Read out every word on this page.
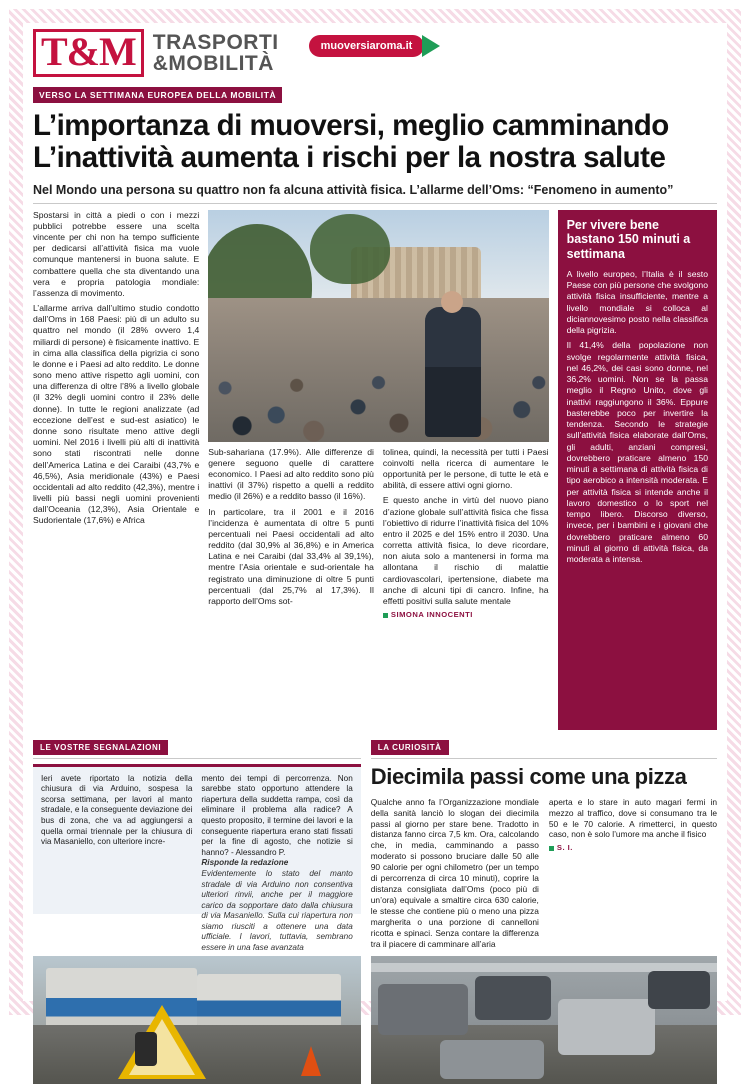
T&M TRASPORTI
&MOBILITÀ
muoversiaroma.it
VERSO LA SETTIMANA EUROPEA DELLA MOBILITÀ
L’importanza di muoversi, meglio camminando
L’inattività aumenta i rischi per la nostra salute
Nel Mondo una persona su quattro non fa alcuna attività fisica. L’allarme dell’Oms: “Fenomeno in aumento”

Spostarsi in città a piedi o con i mezzi pubblici potrebbe essere una scelta vincente per chi non ha tempo sufficiente per dedicarsi all’attività fisica ma vuole comunque mantenersi in buona salute. E combattere quella che sta diventando una vera e propria patologia mondiale: l’assenza di movimento.

L’allarme arriva dall’ultimo studio condotto dall’Oms in 168 Paesi: più di un adulto su quattro nel mondo (il 28% ovvero 1,4 miliardi di persone) è fisicamente inattivo. E in cima alla classifica della pigrizia ci sono le donne e i Paesi ad alto reddito. Le donne sono meno attive rispetto agli uomini, con una differenza di oltre l’8% a livello globale (il 32% degli uomini contro il 23% delle donne). In tutte le regioni analizzate (ad eccezione dell’est e sud-est asiatico) le donne sono risultate meno attive degli uomini. Nel 2016 i livelli più alti di inattività sono stati riscontrati nelle donne dell’America Latina e dei Caraibi (43,7% e 46,5%), Asia meridionale (43%) e Paesi occidentali ad alto reddito (42,3%), mentre i livelli più bassi negli uomini provenienti dall’Oceania (12,3%), Asia Orientale e Sudorientale (17,6%) e Africa

Sub-sahariana (17.9%). Alle differenze di genere seguono quelle di carattere economico. I Paesi ad alto reddito sono più inattivi (il 37%) rispetto a quelli a reddito medio (il 26%) e a reddito basso (il 16%).

In particolare, tra il 2001 e il 2016 l’incidenza è aumentata di oltre 5 punti percentuali nei Paesi occidentali ad alto reddito (dal 30,9% al 36,8%) e in America Latina e nei Caraibi (dal 33,4% al 39,1%), mentre l’Asia orientale e sud-orientale ha registrato una diminuzione di oltre 5 punti percentuali (dal 25,7% al 17,3%). Il rapporto dell’Oms sot-

tolinea, quindi, la necessità per tutti i Paesi coinvolti nella ricerca di aumentare le opportunità per le persone, di tutte le età e abilità, di essere attivi ogni giorno.

E questo anche in virtù del nuovo piano d’azione globale sull’attività fisica che fissa l’obiettivo di ridurre l’inattività fisica del 10% entro il 2025 e del 15% entro il 2030. Una corretta attività fisica, lo deve ricordare, non aiuta solo a mantenersi in forma ma allontana il rischio di malattie cardiovascolari, ipertensione, diabete ma anche di alcuni tipi di cancro. Infine, ha effetti positivi sulla salute mentale

SIMONA INNOCENTI
Per vivere bene bastano 150 minuti a settimana

A livello europeo, l’Italia è il sesto Paese con più persone che svolgono attività fisica insufficiente, mentre a livello mondiale si colloca al diciannovesimo posto nella classifica della pigrizia.

Il 41,4% della popolazione non svolge regolarmente attività fisica, nel 46,2%, dei casi sono donne, nel 36,2% uomini. Non se la passa meglio il Regno Unito, dove gli inattivi raggiungono il 36%. Eppure basterebbe poco per invertire la tendenza. Secondo le strategie sull’attività fisica elaborate dall’Oms, gli adulti, anziani compresi, dovrebbero praticare almeno 150 minuti a settimana di attività fisica di tipo aerobico a intensità moderata. E per attività fisica si intende anche il lavoro domestico o lo sport nel tempo libero. Discorso diverso, invece, per i bambini e i giovani che dovrebbero praticare almeno 60 minuti al giorno di attività fisica, da moderata a intensa.

LE VOSTRE SEGNALAZIONI

Ieri avete riportato la notizia della chiusura di via Arduino, sospesa la scorsa settimana, per lavori al manto stradale, e la conseguente deviazione dei bus di zona, che va ad aggiungersi a quella ormai triennale per la chiusura di via Masaniello, con ulteriore incre-

mento dei tempi di percorrenza. Non sarebbe stato opportuno attendere la riapertura della suddetta rampa, così da eliminare il problema alla radice? A questo proposito, il termine dei lavori e la conseguente riapertura erano stati fissati per la fine di agosto, che notizie si hanno? - Alessandro P.

Risponde la redazione

Evidentemente lo stato del manto stradale di via Arduino non consentiva ulteriori rinvii, anche per il maggiore carico da sopportare dato dalla chiusura di via Masaniello. Sulla cui riapertura non siamo riusciti a ottenere una data ufficiale. I lavori, tuttavia, sembrano essere in una fase avanzata

LA CURIOSITÀ
Diecimila passi come una pizza

Qualche anno fa l’Organizzazione mondiale della sanità lanciò lo slogan dei diecimila passi al giorno per stare bene. Tradotto in distanza fanno circa 7,5 km. Ora, calcolando che, in media, camminando a passo moderato si possono bruciare dalle 50 alle 90 calorie per ogni chilometro (per un tempo di percorrenza di circa 10 minuti), coprire la distanza consigliata dall’Oms (poco più di un’ora) equivale a smaltire circa 630 calorie, le stesse che contiene più o meno una pizza margherita o una porzione di cannelloni ricotta e spinaci. Senza contare la differenza tra il piacere di camminare all’aria

aperta e lo stare in auto magari fermi in mezzo al traffico, dove si consumano tra le 50 e le 70 calorie. A rimetterci, in questo caso, non è solo l’umore ma anche il fisico

S. I.
